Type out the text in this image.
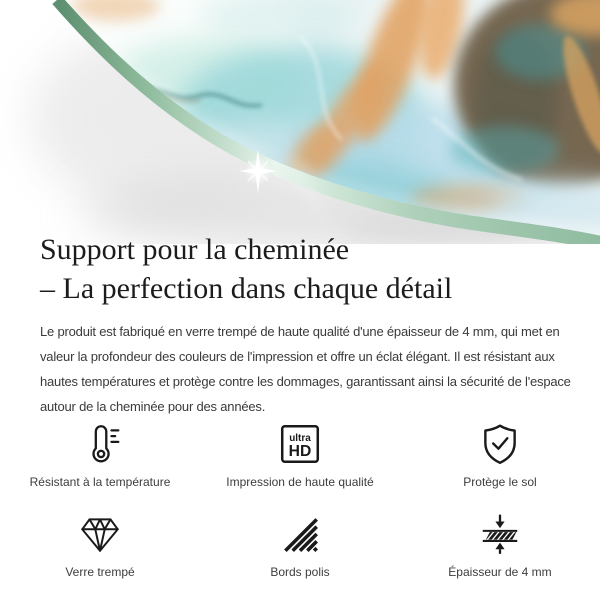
Support pour la cheminée
– La perfection dans chaque détail
Le produit est fabriqué en verre trempé de haute qualité d'une épaisseur de 4 mm, qui met en
valeur la profondeur des couleurs de l'impression et offre un éclat élégant. Il est résistant aux
hautes températures et protège contre les dommages, garantissant ainsi la sécurité de l'espace
autour de la cheminée pour des années.
Résistant à la température
ultra
HD
Impression de haute qualité	Protège le sol
Verre trempé	Bords polis	Épaisseur de 4 mm
